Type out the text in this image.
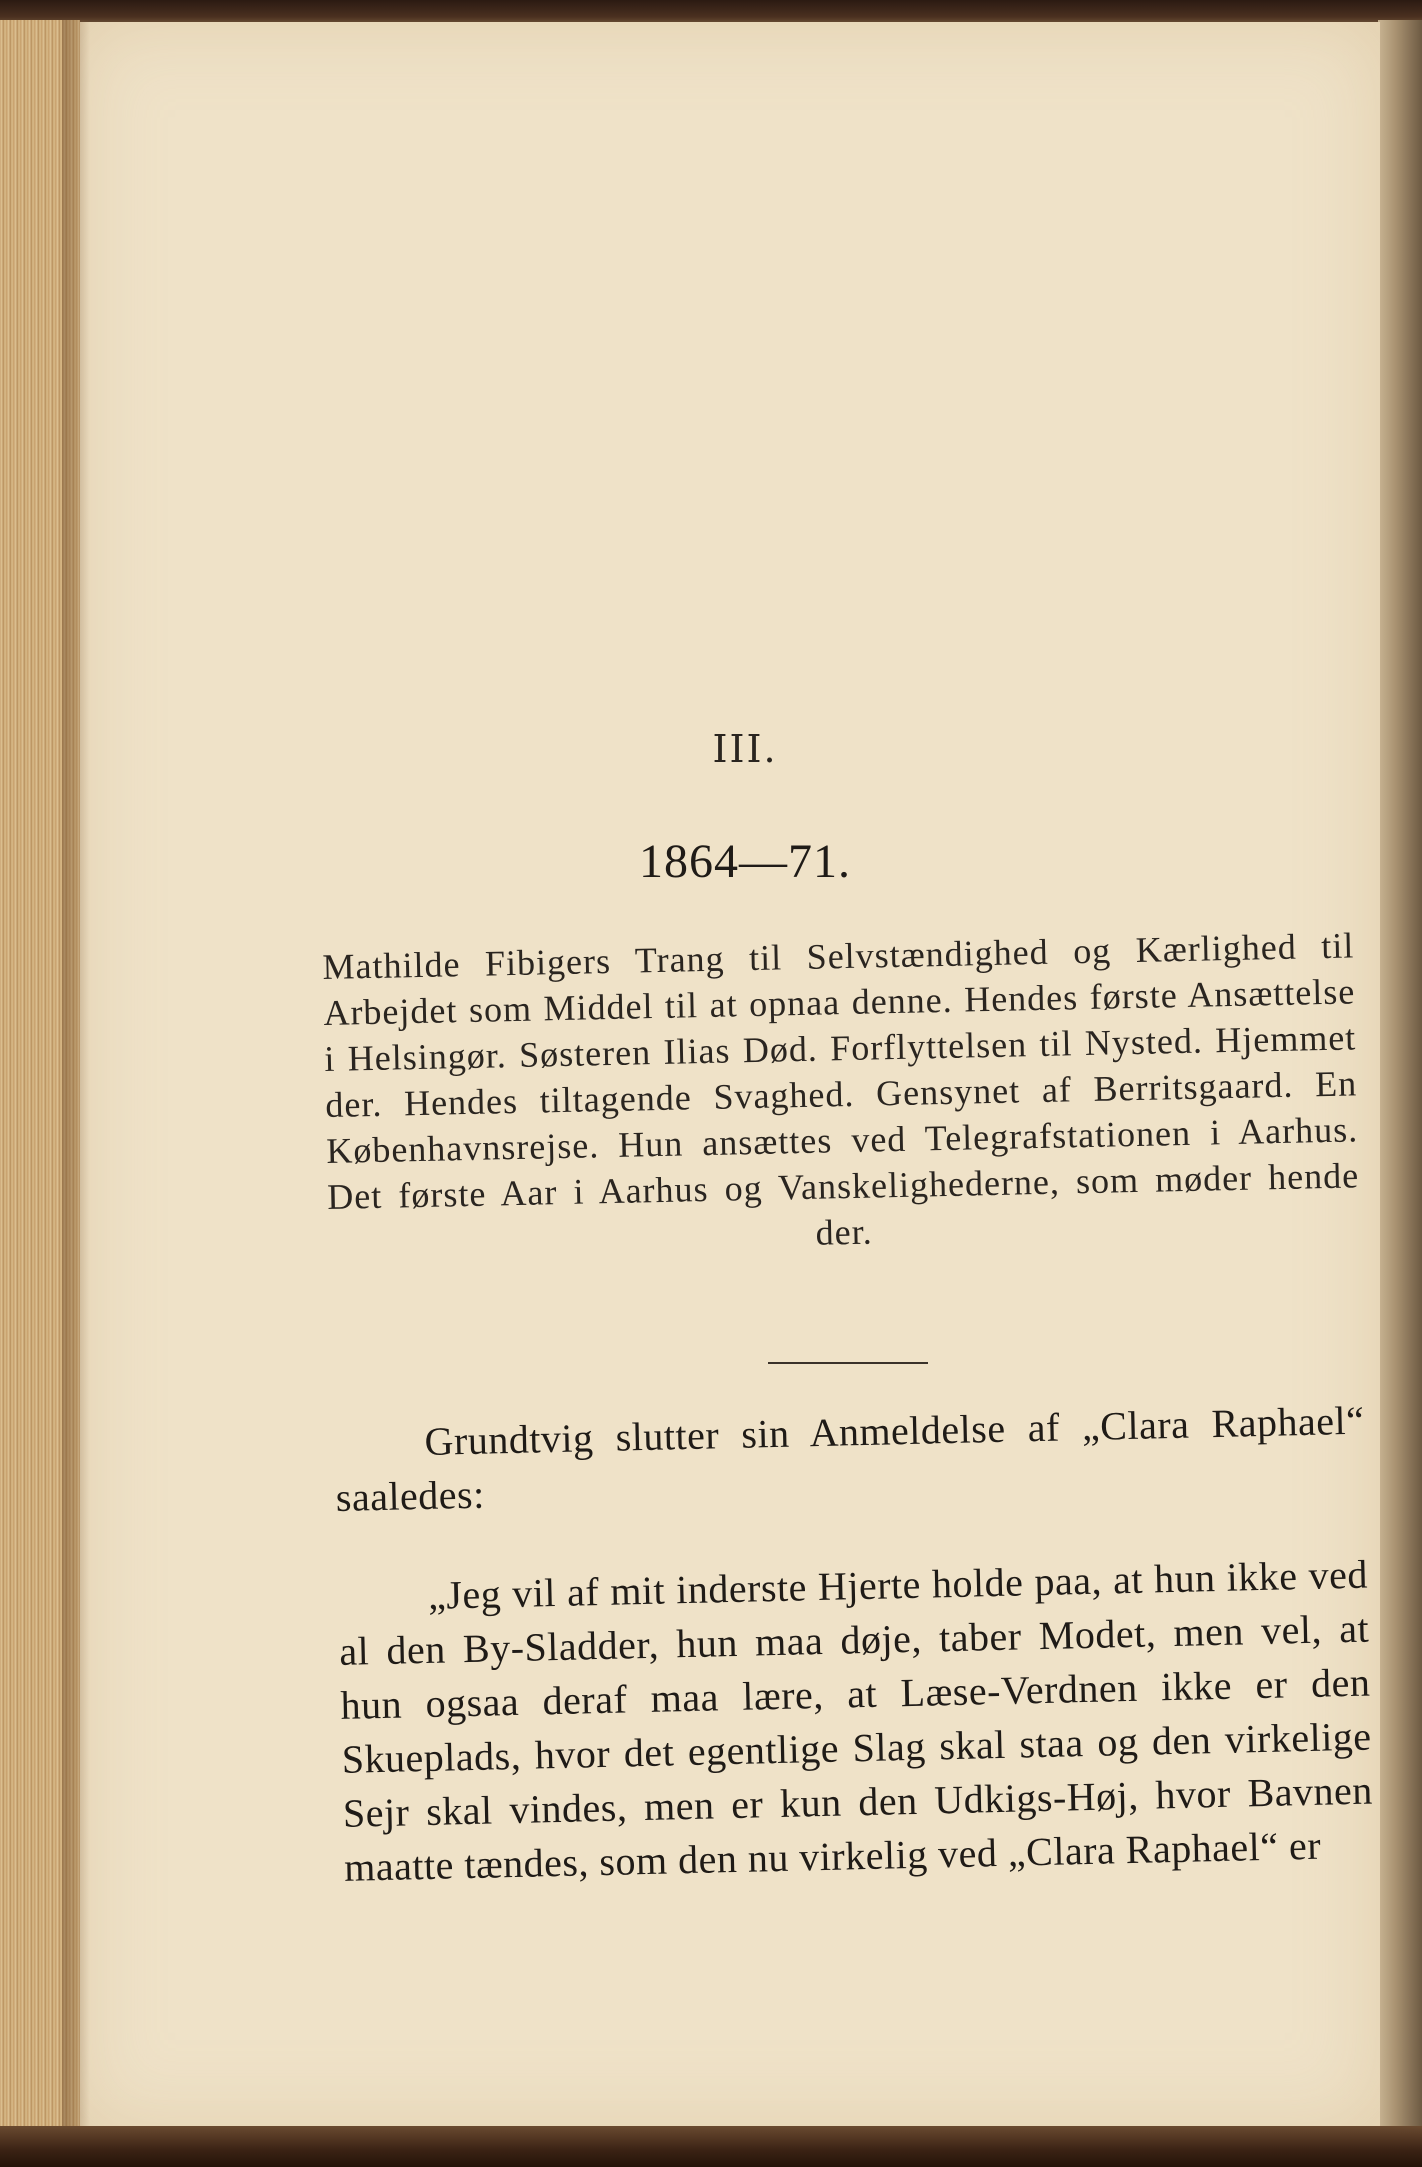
III.
1864—71.
Mathilde Fibigers Trang til Selvstændighed og Kærlighed til Arbejdet som Middel til at opnaa denne. Hendes første Ansættelse i Helsingør. Søsteren Ilias Død. Forflyttelsen til Nysted. Hjemmet der. Hendes tiltagende Svaghed. Gensynet af Berritsgaard. En Københavnsrejse. Hun ansættes ved Telegrafstationen i Aarhus. Det første Aar i Aarhus og Vanskelighederne, som møder hende der.

Grundtvig slutter sin Anmeldelse af „Clara Raphael“ saaledes:

„Jeg vil af mit inderste Hjerte holde paa, at hun ikke ved al den By-Sladder, hun maa døje, taber Modet, men vel, at hun ogsaa deraf maa lære, at Læse-Verdnen ikke er den Skueplads, hvor det egentlige Slag skal staa og den virkelige Sejr skal vindes, men er kun den Udkigs-Høj, hvor Bavnen maatte tændes, som den nu virkelig ved „Clara Raphael“ er
